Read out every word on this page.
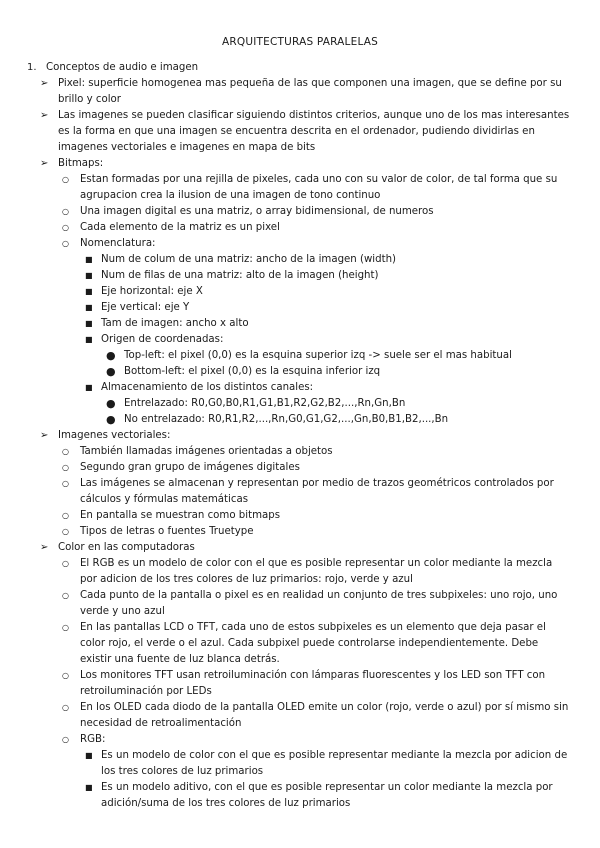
ARQUITECTURAS PARALELAS
1. Conceptos de audio e imagen
➢ Pixel: superficie homogenea mas pequeña de las que componen una imagen, que se define por su brillo y color
➢ Las imagenes se pueden clasificar siguiendo distintos criterios, aunque uno de los mas interesantes es la forma en que una imagen se encuentra descrita en el ordenador, pudiendo dividirlas en imagenes vectoriales e imagenes en mapa de bits
➢ Bitmaps:
○ Estan formadas por una rejilla de pixeles, cada uno con su valor de color, de tal forma que su agrupacion crea la ilusion de una imagen de tono continuo
○ Una imagen digital es una matriz, o array bidimensional, de numeros
○ Cada elemento de la matriz es un pixel
○ Nomenclatura:
■ Num de colum de una matriz: ancho de la imagen (width)
■ Num de filas de una matriz: alto de la imagen (height)
■ Eje horizontal: eje X
■ Eje vertical: eje Y
■ Tam de imagen: ancho x alto
■ Origen de coordenadas:
● Top-left: el pixel (0,0) es la esquina superior izq -> suele ser el mas habitual
● Bottom-left: el pixel (0,0) es la esquina inferior izq
■ Almacenamiento de los distintos canales:
● Entrelazado: R0,G0,B0,R1,G1,B1,R2,G2,B2,...,Rn,Gn,Bn
● No entrelazado: R0,R1,R2,...,Rn,G0,G1,G2,...,Gn,B0,B1,B2,...,Bn
➢ Imagenes vectoriales:
○ También llamadas imágenes orientadas a objetos
○ Segundo gran grupo de imágenes digitales
○ Las imágenes se almacenan y representan por medio de trazos geométricos controlados por cálculos y fórmulas matemáticas
○ En pantalla se muestran como bitmaps
○ Tipos de letras o fuentes Truetype
➢ Color en las computadoras
○ El RGB es un modelo de color con el que es posible representar un color mediante la mezcla por adicion de los tres colores de luz primarios: rojo, verde y azul
○ Cada punto de la pantalla o pixel es en realidad un conjunto de tres subpixeles: uno rojo, uno verde y uno azul
○ En las pantallas LCD o TFT, cada uno de estos subpixeles es un elemento que deja pasar el color rojo, el verde o el azul. Cada subpixel puede controlarse independientemente. Debe existir una fuente de luz blanca detrás.
○ Los monitores TFT usan retroiluminación con lámparas fluorescentes y los LED son TFT con retroiluminación por LEDs
○ En los OLED cada diodo de la pantalla OLED emite un color (rojo, verde o azul) por sí mismo sin necesidad de retroalimentación
○ RGB:
■ Es un modelo de color con el que es posible representar mediante la mezcla por adicion de los tres colores de luz primarios
■ Es un modelo aditivo, con el que es posible representar un color mediante la mezcla por adición/suma de los tres colores de luz primarios
